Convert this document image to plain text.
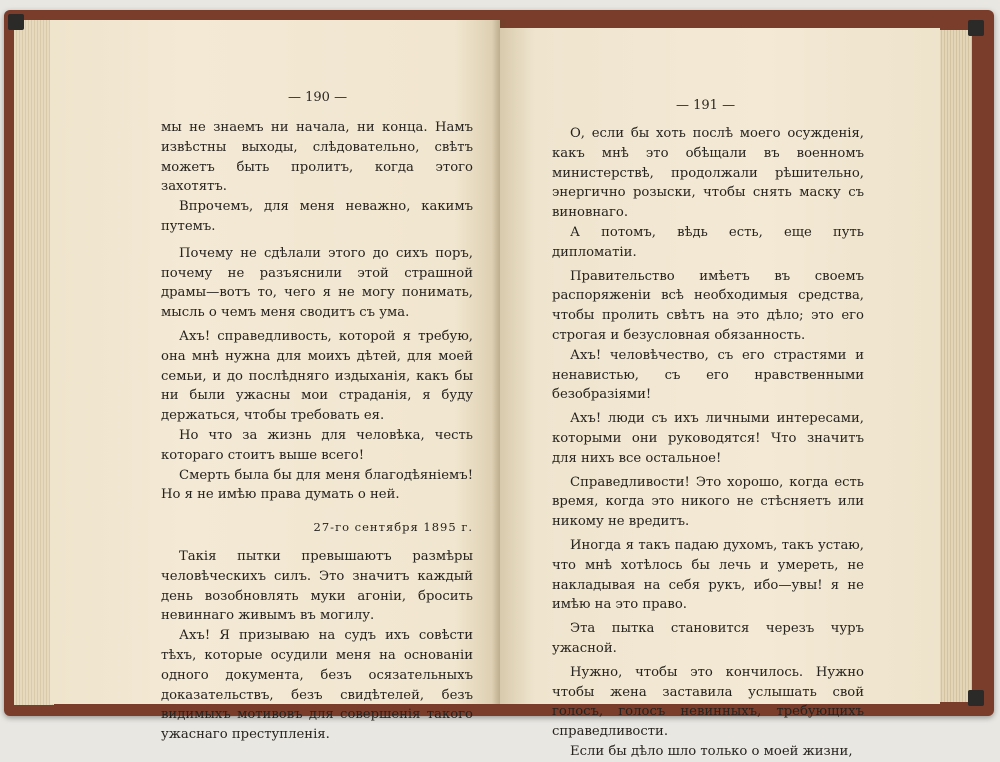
— 190 —

мы не знаемъ ни начала, ни конца. Намъ извѣстны выходы, слѣдовательно, свѣтъ можетъ быть пролитъ, когда этого захотятъ.

Впрочемъ, для меня неважно, какимъ путемъ.

Почему не сдѣлали этого до сихъ поръ, почему не разъяснили этой страшной драмы—вотъ то, чего я не могу понимать, мысль о чемъ меня сводитъ съ ума.

Ахъ! справедливость, которой я требую, она мнѣ нужна для моихъ дѣтей, для моей семьи, и до послѣдняго издыханія, какъ бы ни были ужасны мои страданія, я буду держаться, чтобы требовать ея.

Но что за жизнь для человѣка, честь котораго стоитъ выше всего!

Смерть была бы для меня благодѣяніемъ! Но я не имѣю права думать о ней.

27-го сентября 1895 г.

Такія пытки превышаютъ размѣры человѣческихъ силъ. Это значитъ каждый день возобновлять муки агоніи, бросить невиннаго живымъ въ могилу.

Ахъ! Я призываю на судъ ихъ совѣсти тѣхъ, которые осудили меня на основаніи одного документа, безъ осязательныхъ доказательствъ, безъ свидѣтелей, безъ видимыхъ мотивовъ для совершенія такого ужаснаго преступленія.

— 191 —

О, если бы хоть послѣ моего осужденія, какъ мнѣ это обѣщали въ военномъ министерствѣ, продолжали рѣшительно, энергично розыски, чтобы снять маску съ виновнаго.

А потомъ, вѣдь есть, еще путь дипломатіи.

Правительство имѣетъ въ своемъ распоряженіи всѣ необходимыя средства, чтобы пролить свѣтъ на это дѣло; это его строгая и безусловная обязанность.

Ахъ! человѣчество, съ его страстями и ненавистью, съ его нравственными безобразіями!

Ахъ! люди съ ихъ личными интересами, которыми они руководятся! Что значитъ для нихъ все остальное!

Справедливости! Это хорошо, когда есть время, когда это никого не стѣсняетъ или никому не вредитъ.

Иногда я такъ падаю духомъ, такъ устаю, что мнѣ хотѣлось бы лечь и умереть, не накладывая на себя рукъ, ибо—увы! я не имѣю на это право.

Эта пытка становится черезъ чуръ ужасной.

Нужно, чтобы это кончилось. Нужно чтобы жена заставила услышать свой голосъ, голосъ невинныхъ, требующихъ справедливости.

Если бы дѣло шло только о моей жизни,
